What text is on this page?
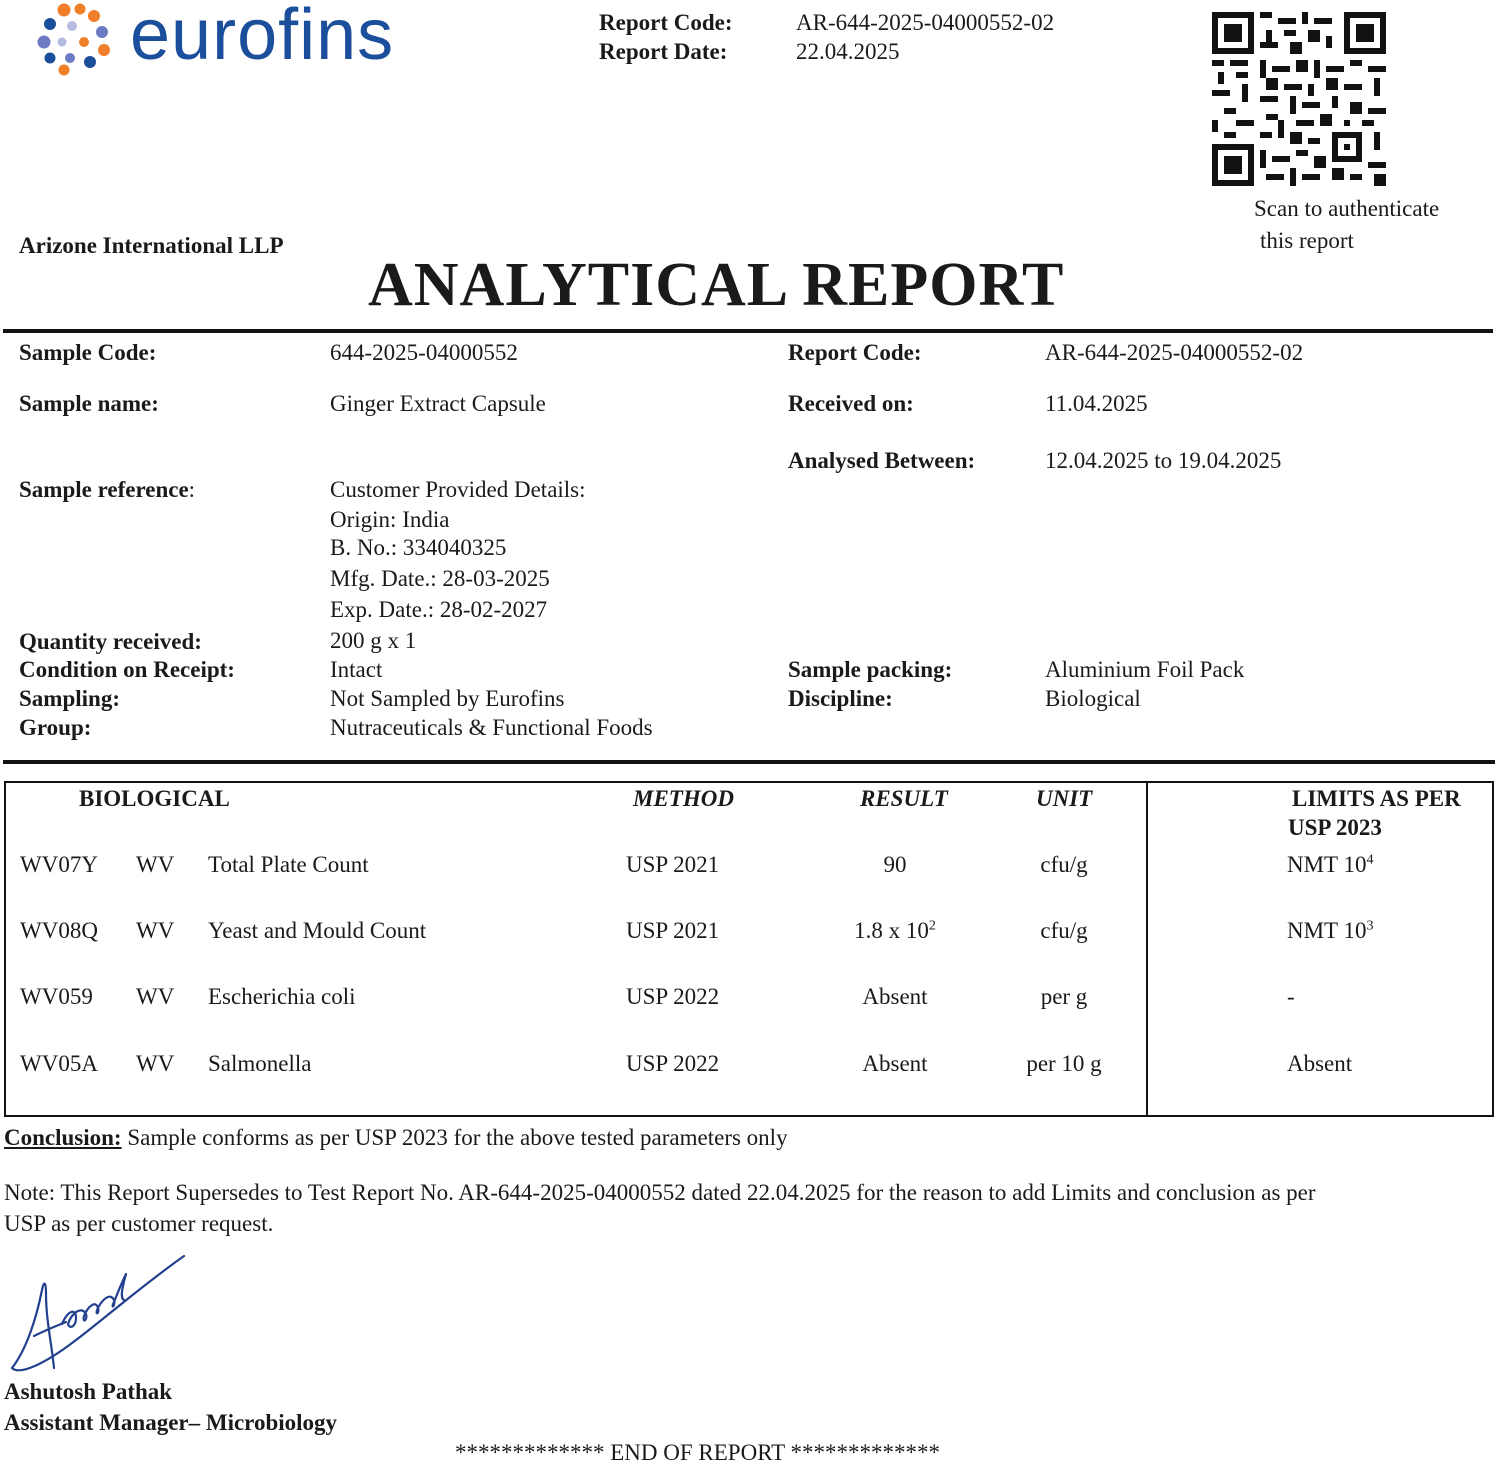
eurofins	Report Code:	AR-644-2025-04000552-02
Report Date:	22.04.2025
Scan to authenticate
this report
Arizone International LLP
ANALYTICAL REPORT
Sample Code:	644-2025-04000552	Report Code:	AR-644-2025-04000552-02
Sample name:	Ginger Extract Capsule	Received on:	11.04.2025
Analysed Between:	12.04.2025 to 19.04.2025
Sample reference:	Customer Provided Details:
Origin: India
B. No.: 334040325
Mfg. Date.: 28-03-2025
Exp. Date.: 28-02-2027
Quantity received:	200 g x 1
Condition on Receipt:	Intact	Sample packing:	Aluminium Foil Pack
Sampling:	Not Sampled by Eurofins	Discipline:	Biological
Group:	Nutraceuticals & Functional Foods
BIOLOGICAL	METHOD	RESULT	UNIT	LIMITS AS PER
USP 2023
WV07Y WV Total Plate Count	USP 2021	90	cfu/g	NMT $10^4$
WV08Q WV Yeast and Mould Count	USP 2021	1.8 x $10^2$	cfu/g	NMT $10^3$
WV059 WV Escherichia coli	USP 2022	Absent	per g	-
WV05A WV Salmonella	USP 2022	Absent	per 10 g	Absent
Conclusion: Sample conforms as per USP 2023 for the above tested parameters only
Note: This Report Supersedes to Test Report No. AR-644-2025-04000552 dated 22.04.2025 for the reason to add Limits and conclusion as per
USP as per customer request.
Ashutosh Pathak
Assistant Manager– Microbiology
************* END OF REPORT *************
